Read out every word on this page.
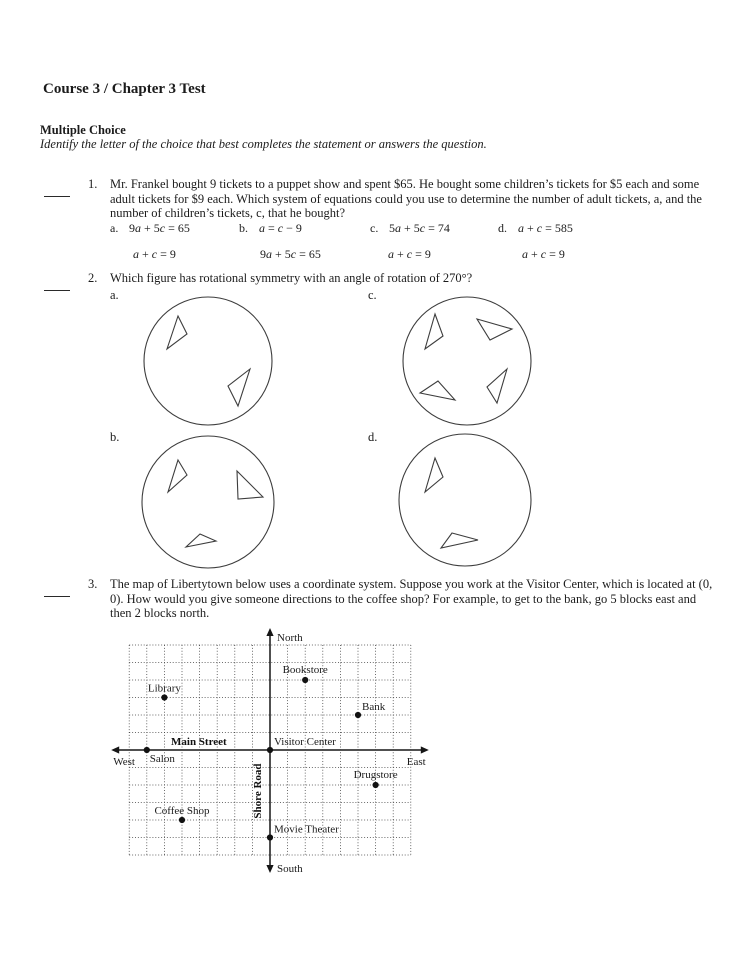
Course 3 / Chapter 3 Test
Multiple Choice
Identify the letter of the choice that best completes the statement or answers the question.
1. Mr. Frankel bought 9 tickets to a puppet show and spent $65. He bought some children’s tickets for $5 each and some adult tickets for $9 each. Which system of equations could you use to determine the number of adult tickets, a, and the number of children’s tickets, c, that he bought?
a. 9a + 5c = 65
a + c = 9
b. a = c − 9
9a + 5c = 65
c. 5a + 5c = 74
a + c = 9
d. a + c = 585
a + c = 9
2. Which figure has rotational symmetry with an angle of rotation of 270°?
a.	c.
b.	d.
3. The map of Libertytown below uses a coordinate system. Suppose you work at the Visitor Center, which is located at (0, 0). How would you give someone directions to the coffee shop? For example, to get to the bank, go 5 blocks east and then 2 blocks north.
North
South
West	East
Main Street
Shore Road
Library
Bookstore
Bank
Salon
Visitor Center
Drugstore
Coffee Shop
Movie Theater
